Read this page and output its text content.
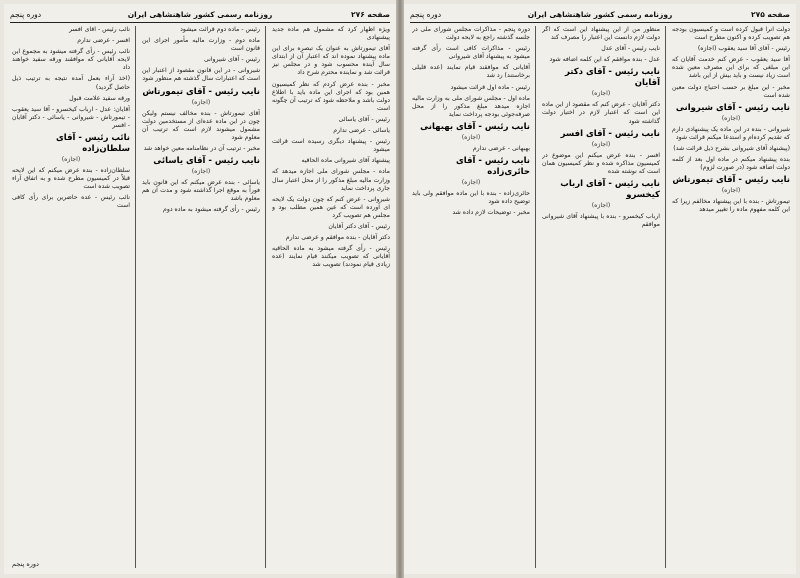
صفحه ۲۷۶
روزنامه رسمی کشور شاهنشاهی ایران
دوره پنجم
ویژه اظهار کرد که مشمول هم ماده جدید پیشنهادی
آقای تیمورتاش به عنوان یک تبصره برای این ماده پیشنهاد نموده اند که اعتبار آن از ابتدای سال آینده محسوب شود و در مجلس نیز قرائت شد و نماینده محترم شرح داد
مخبر - بنده عرض کردم که نظر کمیسیون همین بود که اجرای این ماده باید با اطلاع دولت باشد و ملاحظه شود که ترتیب آن چگونه است
رئیس - آقای یاسائی
یاسائی - عرضی ندارم
رئیس - پیشنهاد دیگری رسیده است قرائت میشود
پیشنهاد آقای شیروانی ماده الحاقیه
ماده - مجلس شورای ملی اجازه میدهد که وزارت مالیه مبلغ مذکور را از محل اعتبار سال جاری پرداخت نماید
شیروانی - عرض کنم که چون دولت یک لایحه ای آورده است که عین همین مطلب بود و مجلس هم تصویب کرد
رئیس - آقای دکتر آقایان
دکتر آقایان - بنده موافقم و عرضی ندارم
رئیس - رأی گرفته میشود به ماده الحاقیه آقایانی که تصویب میکنند قیام نمایند (عده زیادی قیام نمودند) تصویب شد
رئیس - ماده دوم قرائت میشود
ماده دوم - وزارت مالیه مأمور اجرای این قانون است
رئیس - آقای شیروانی
شیروانی - در این قانون مقصود از اعتبار این است که اعتبارات سال گذشته هم منظور شود
نایب رئیس - آقای تیمورتاش
(اجازه)
آقای تیمورتاش - بنده مخالف نیستم ولیکن چون در این ماده عده‌ای از مستخدمین دولت مشمول میشوند لازم است که ترتیب آن معلوم شود
مخبر - ترتیب آن در نظامنامه معین خواهد شد
نایب رئیس - آقای یاسائی
(اجازه)
یاسائی - بنده عرض میکنم که این قانون باید فوراً به موقع اجرا گذاشته شود و مدت آن هم معلوم باشد
رئیس - رأی گرفته میشود به ماده دوم
نائب رئیس - آقای افسر
افسر - عرضی ندارم
نائب رئیس - رأی گرفته میشود به مجموع این لایحه آقایانی که موافقند ورقه سفید خواهند داد
(اخذ آراء بعمل آمده نتیجه به ترتیب ذیل حاصل گردید)
ورقه سفید علامت قبول
آقایان: عدل - ارباب کیخسرو - آقا سید یعقوب - تیمورتاش - شیروانی - یاسائی - دکتر آقایان - افسر
نائب رئیس - آقای سلطان‌زاده
(اجازه)
سلطان‌زاده - بنده عرض میکنم که این لایحه قبلاً در کمیسیون مطرح شده و به اتفاق آراء تصویب شده است
نائب رئیس - عده حاضرین برای رأی کافی است
دوره پنجم
صفحه ۲۷۵
روزنامه رسمی کشور شاهنشاهی ایران
دوره پنجم
دولت آنرا قبول کرده است و کمیسیون بودجه هم تصویب کرده و اکنون مطرح است
رئیس - آقای آقا سید یعقوب (اجازه)
آقا سید یعقوب - عرض کنم خدمت آقایان که این مبلغی که برای این مصرف معین شده است زیاد نیست و باید بیش از این باشد
مخبر - این مبلغ بر حسب احتیاج دولت معین شده است
نایب رئیس - آقای شیروانی
(اجازه)
شیروانی - بنده در این ماده یک پیشنهادی دارم که تقدیم کرده‌ام و استدعا میکنم قرائت شود
(پیشنهاد آقای شیروانی بشرح ذیل قرائت شد)
بنده پیشنهاد میکنم در ماده اول بعد از کلمه دولت اضافه شود (در صورت لزوم)
نایب رئیس - آقای تیمورتاش
(اجازه)
تیمورتاش - بنده با این پیشنهاد مخالفم زیرا که این کلمه مفهوم ماده را تغییر میدهد
منظور من از این پیشنهاد این است که اگر دولت لازم دانست این اعتبار را مصرف کند
نایب رئیس - آقای عدل
عدل - بنده موافقم که این کلمه اضافه شود
نایب رئیس - آقای دکتر آقایان
(اجازه)
دکتر آقایان - عرض کنم که مقصود از این ماده این است که اعتبار لازم در اختیار دولت گذاشته شود
نایب رئیس - آقای افسر
(اجازه)
افسر - بنده عرض میکنم این موضوع در کمیسیون مذاکره شده و نظر کمیسیون همان است که نوشته شده
نایب رئیس - آقای ارباب کیخسرو
(اجازه)
ارباب کیخسرو - بنده با پیشنهاد آقای شیروانی موافقم
دوره پنجم - مذاکرات مجلس شورای ملی در جلسه گذشته راجع به لایحه دولت
رئیس - مذاکرات کافی است رأی گرفته میشود به پیشنهاد آقای شیروانی
آقایانی که موافقند قیام نمایند (عده قلیلی برخاستند) رد شد
رئیس - ماده اول قرائت میشود
ماده اول - مجلس شورای ملی به وزارت مالیه اجازه میدهد مبلغ مذکور را از محل صرفه‌جوئی بودجه پرداخت نماید
نایب رئیس - آقای بهبهانی
(اجازه)
بهبهانی - عرضی ندارم
نایب رئیس - آقای حائری‌زاده
(اجازه)
حائری‌زاده - بنده با این ماده موافقم ولی باید توضیح داده شود
مخبر - توضیحات لازم داده شد
